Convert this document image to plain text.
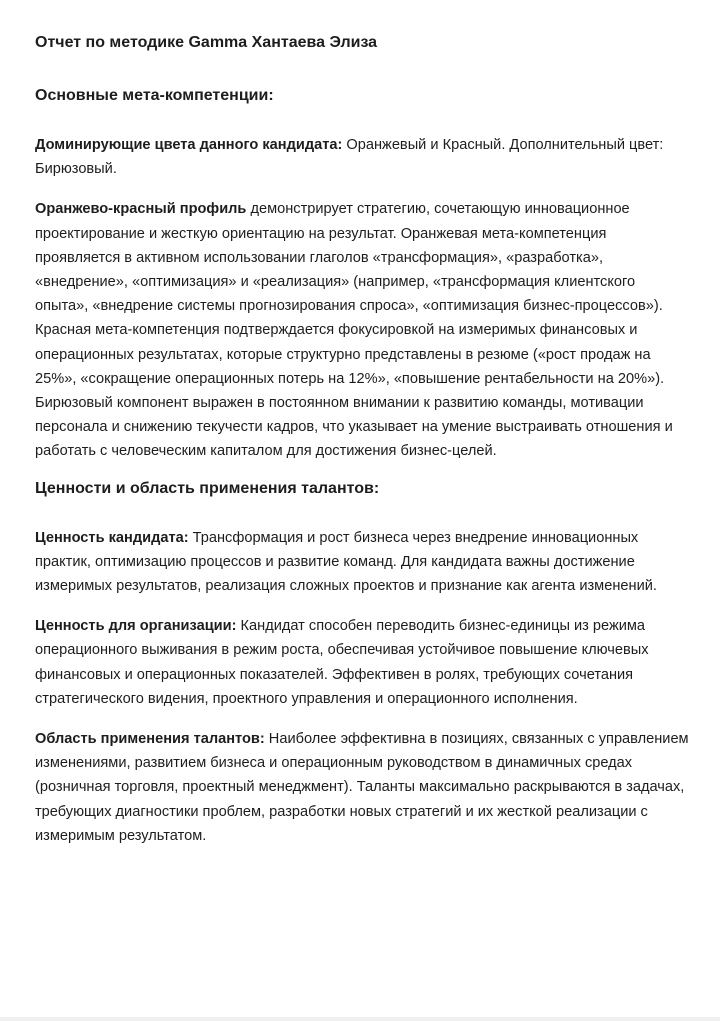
Отчет по методике Gamma Хантаева Элиза
Основные мета-компетенции:

Доминирующие цвета данного кандидата: Оранжевый и Красный. Дополнительный цвет: Бирюзовый.

Оранжево-красный профиль демонстрирует стратегию, сочетающую инновационное проектирование и жесткую ориентацию на результат. Оранжевая мета-компетенция проявляется в активном использовании глаголов «трансформация», «разработка», «внедрение», «оптимизация» и «реализация» (например, «трансформация клиентского опыта», «внедрение системы прогнозирования спроса», «оптимизация бизнес-процессов»). Красная мета-компетенция подтверждается фокусировкой на измеримых финансовых и операционных результатах, которые структурно представлены в резюме («рост продаж на 25%», «сокращение операционных потерь на 12%», «повышение рентабельности на 20%»). Бирюзовый компонент выражен в постоянном внимании к развитию команды, мотивации персонала и снижению текучести кадров, что указывает на умение выстраивать отношения и работать с человеческим капиталом для достижения бизнес-целей.

Ценности и область применения талантов:

Ценность кандидата: Трансформация и рост бизнеса через внедрение инновационных практик, оптимизацию процессов и развитие команд. Для кандидата важны достижение измеримых результатов, реализация сложных проектов и признание как агента изменений.

Ценность для организации: Кандидат способен переводить бизнес-единицы из режима операционного выживания в режим роста, обеспечивая устойчивое повышение ключевых финансовых и операционных показателей. Эффективен в ролях, требующих сочетания стратегического видения, проектного управления и операционного исполнения.

Область применения талантов: Наиболее эффективна в позициях, связанных с управлением изменениями, развитием бизнеса и операционным руководством в динамичных средах (розничная торговля, проектный менеджмент). Таланты максимально раскрываются в задачах, требующих диагностики проблем, разработки новых стратегий и их жесткой реализации с измеримым результатом.
